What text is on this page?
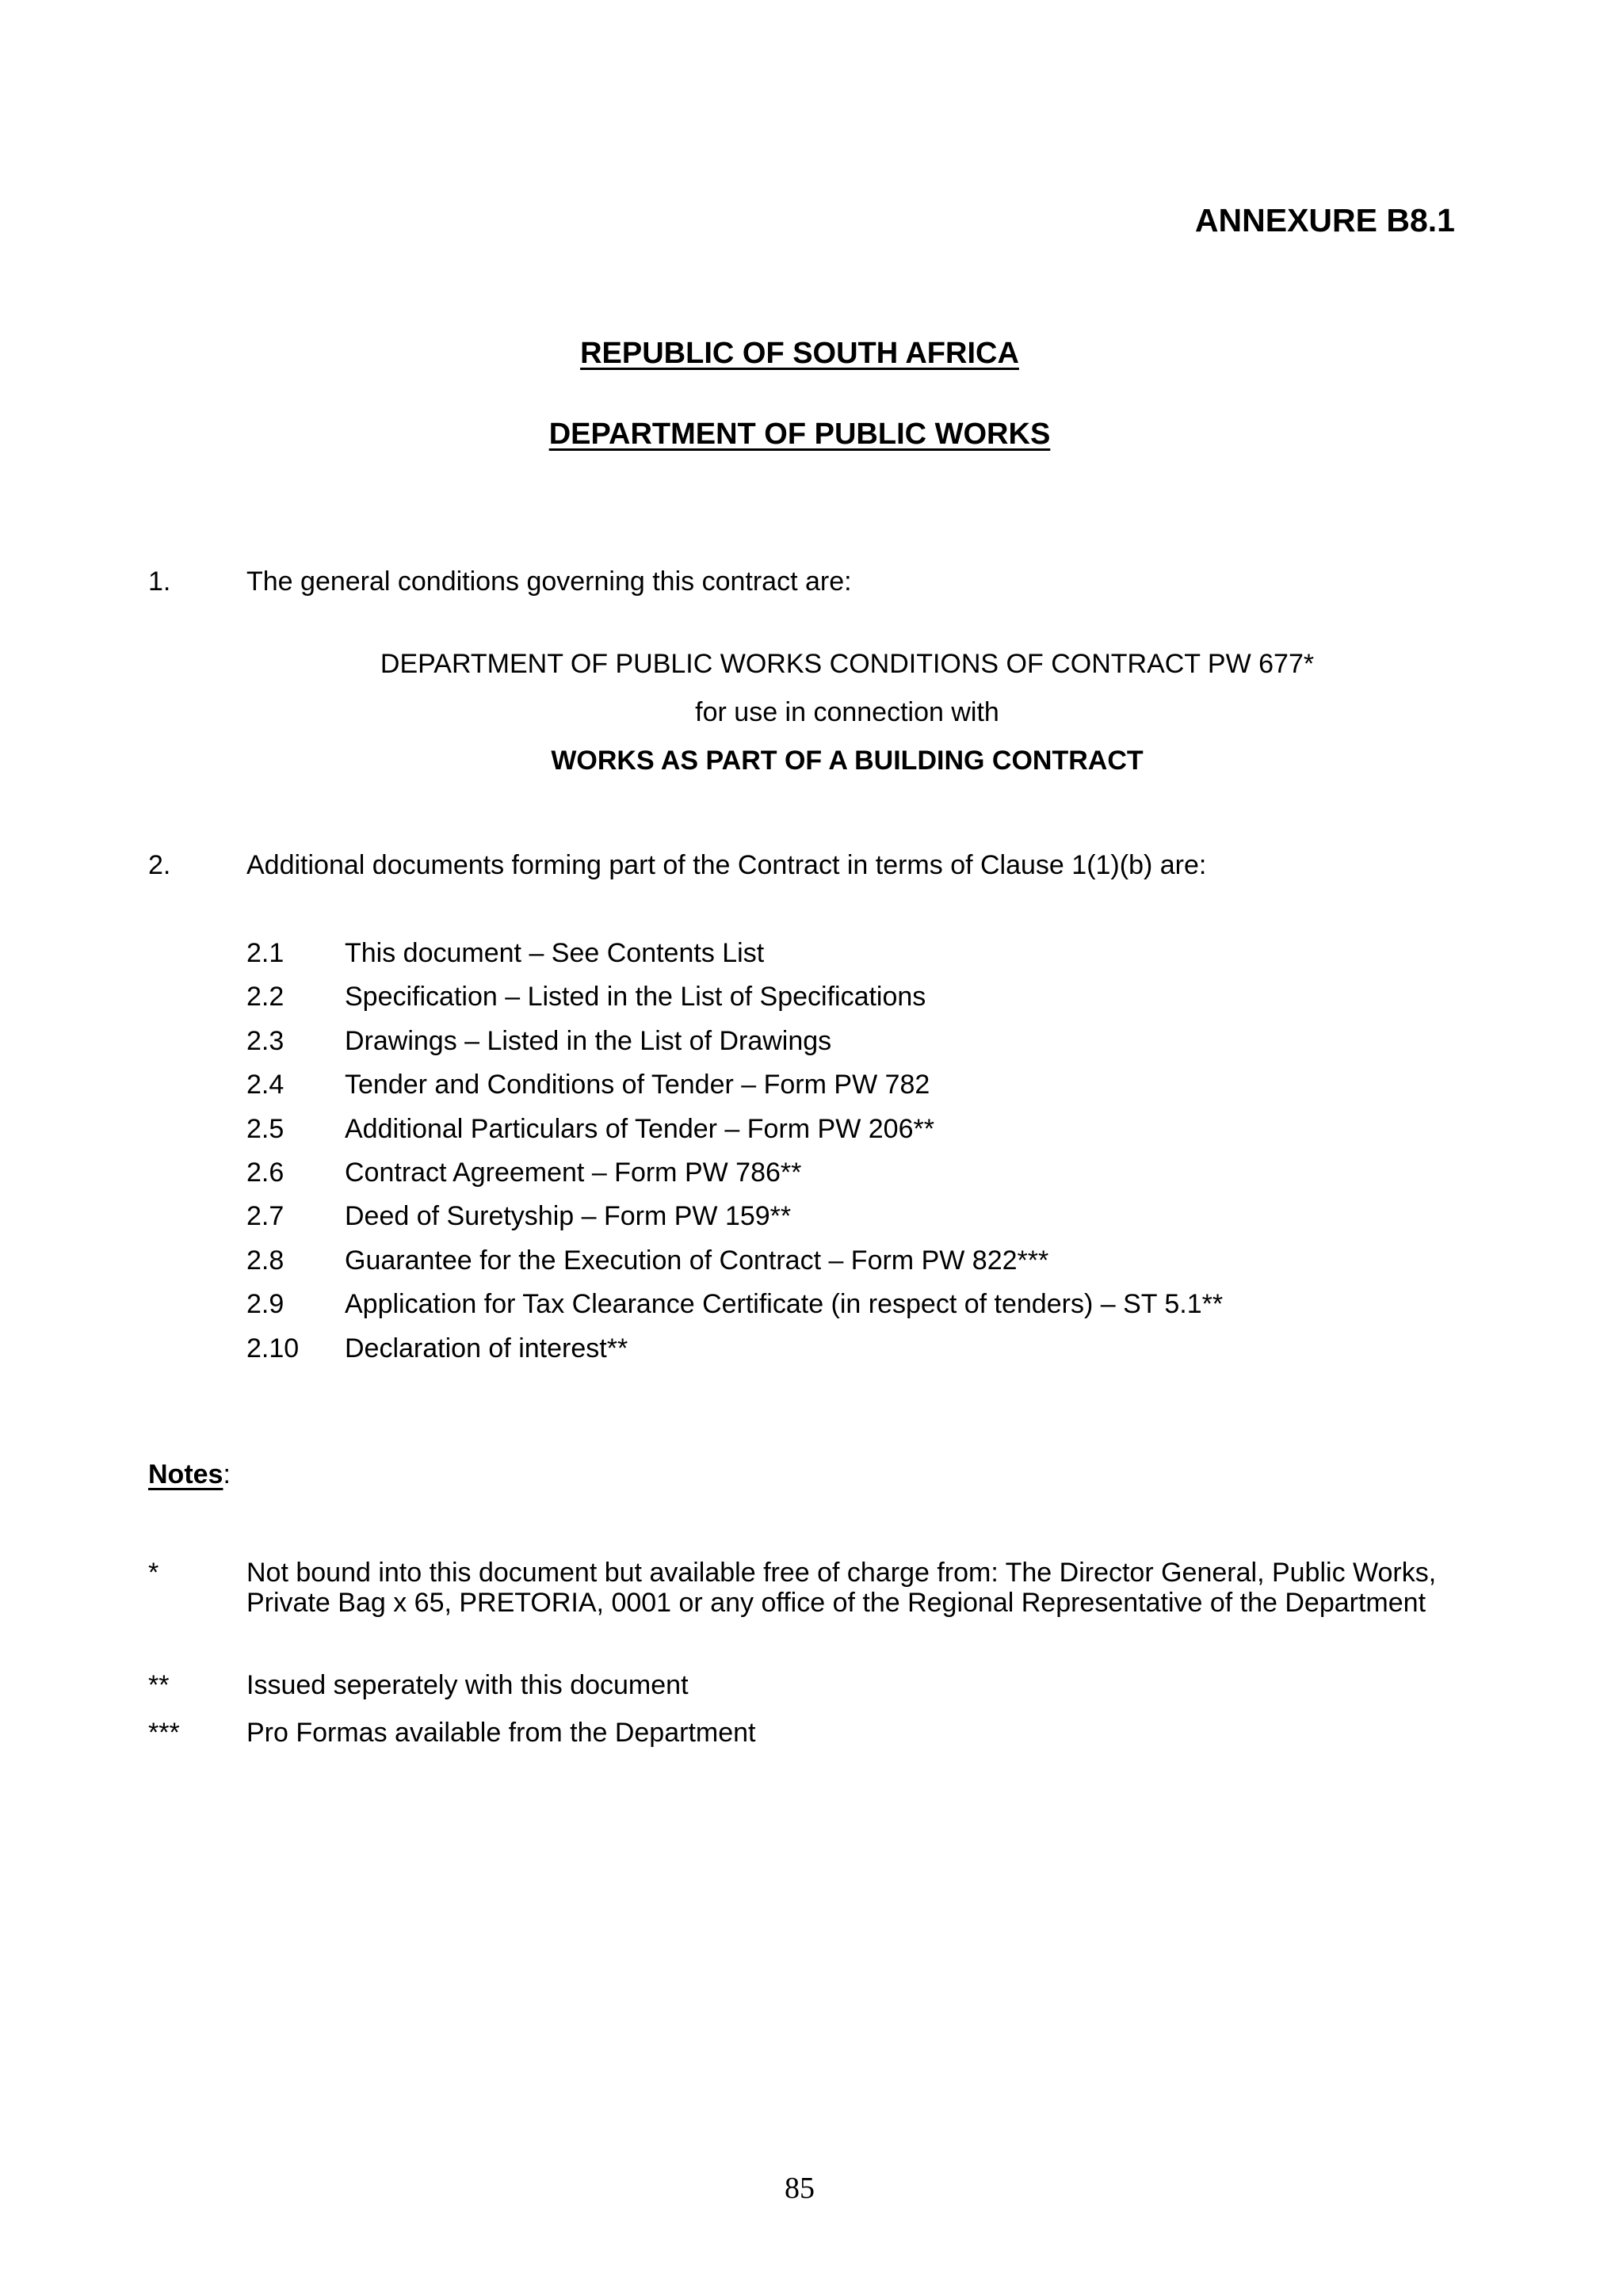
ANNEXURE B8.1
REPUBLIC OF SOUTH AFRICA
DEPARTMENT OF PUBLIC WORKS
1.	The general conditions governing this contract are:
DEPARTMENT OF PUBLIC WORKS CONDITIONS OF CONTRACT PW 677*
for use in connection with
WORKS AS PART OF A BUILDING CONTRACT
2.	Additional documents forming part of the Contract in terms of Clause 1(1)(b) are:
2.1 This document – See Contents List
2.2 Specification – Listed in the List of Specifications
2.3 Drawings – Listed in the List of Drawings
2.4 Tender and Conditions of Tender – Form PW 782
2.5 Additional Particulars of Tender – Form PW 206**
2.6 Contract Agreement – Form PW 786**
2.7 Deed of Suretyship – Form PW 159**
2.8 Guarantee for the Execution of Contract – Form PW 822***
2.9 Application for Tax Clearance Certificate (in respect of tenders) – ST 5.1**
2.10 Declaration of interest**
Notes:
*	Not bound into this document but available free of charge from: The Director General, Public Works, Private Bag x 65, PRETORIA, 0001 or any office of the Regional Representative of the Department
**	Issued seperately with this document
***	Pro Formas available from the Department
85
